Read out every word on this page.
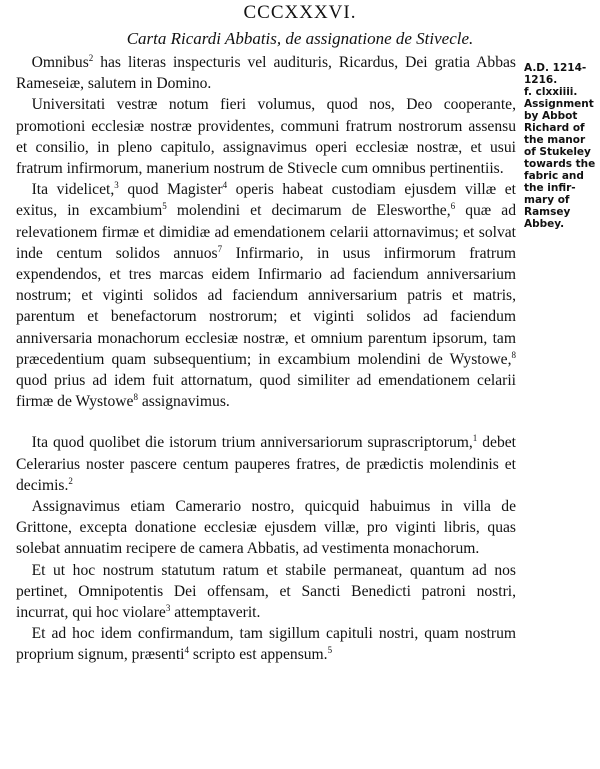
CCCXXXVI.
Carta Ricardi Abbatis, de assignatione de Stivecle.
A.D. 1214-
1216.
f. clxxiiii.
Assignment
by Abbot
Richard of
the manor
of Stukeley
towards the
fabric and
the infir-
mary of
Ramsey
Abbey.

Omnibus$^2$ has literas inspecturis vel audituris, Ricardus, Dei gratia Abbas Rameseiæ, salutem in Domino.

Universitati vestræ notum fieri volumus, quod nos, Deo cooperante, promotioni ecclesiæ nostræ providentes, communi fratrum nostrorum assensu et consilio, in pleno capitulo, assignavimus operi ecclesiæ nostræ, et usui fratrum infirmorum, manerium nostrum de Stivecle cum omnibus pertinentiis.

Ita videlicet,$^3$ quod Magister$^4$ operis habeat custodiam ejusdem villæ et exitus, in excambium$^5$ molendini et decimarum de Elesworthe,$^6$ quæ ad relevationem firmæ et dimidiæ ad emendationem celarii attornavimus; et solvat inde centum solidos annuos$^7$ Infirmario, in usus infirmorum fratrum expendendos, et tres marcas eidem Infirmario ad faciendum anniversarium nostrum; et viginti solidos ad faciendum anniversarium patris et matris, parentum et benefactorum nostrorum; et viginti solidos ad faciendum anniversaria monachorum ecclesiæ nostræ, et omnium parentum ipsorum, tam præcedentium quam subsequentium; in excambium molendini de Wystowe,$^8$ quod prius ad idem fuit attornatum, quod similiter ad emendationem celarii firmæ de Wystowe$^8$ assignavimus.

Ita quod quolibet die istorum trium anniversariorum suprascriptorum,$^1$ debet Celerarius noster pascere centum pauperes fratres, de prædictis molendinis et decimis.$^2$

Assignavimus etiam Camerario nostro, quicquid habuimus in villa de Grittone, excepta donatione ecclesiæ ejusdem villæ, pro viginti libris, quas solebat annuatim recipere de camera Abbatis, ad vestimenta monachorum.

Et ut hoc nostrum statutum ratum et stabile permaneat, quantum ad nos pertinet, Omnipotentis Dei offensam, et Sancti Benedicti patroni nostri, incurrat, qui hoc violare$^3$ attemptaverit.

Et ad hoc idem confirmandum, tam sigillum capituli nostri, quam nostrum proprium signum, præsenti$^4$ scripto est appensum.$^5$
